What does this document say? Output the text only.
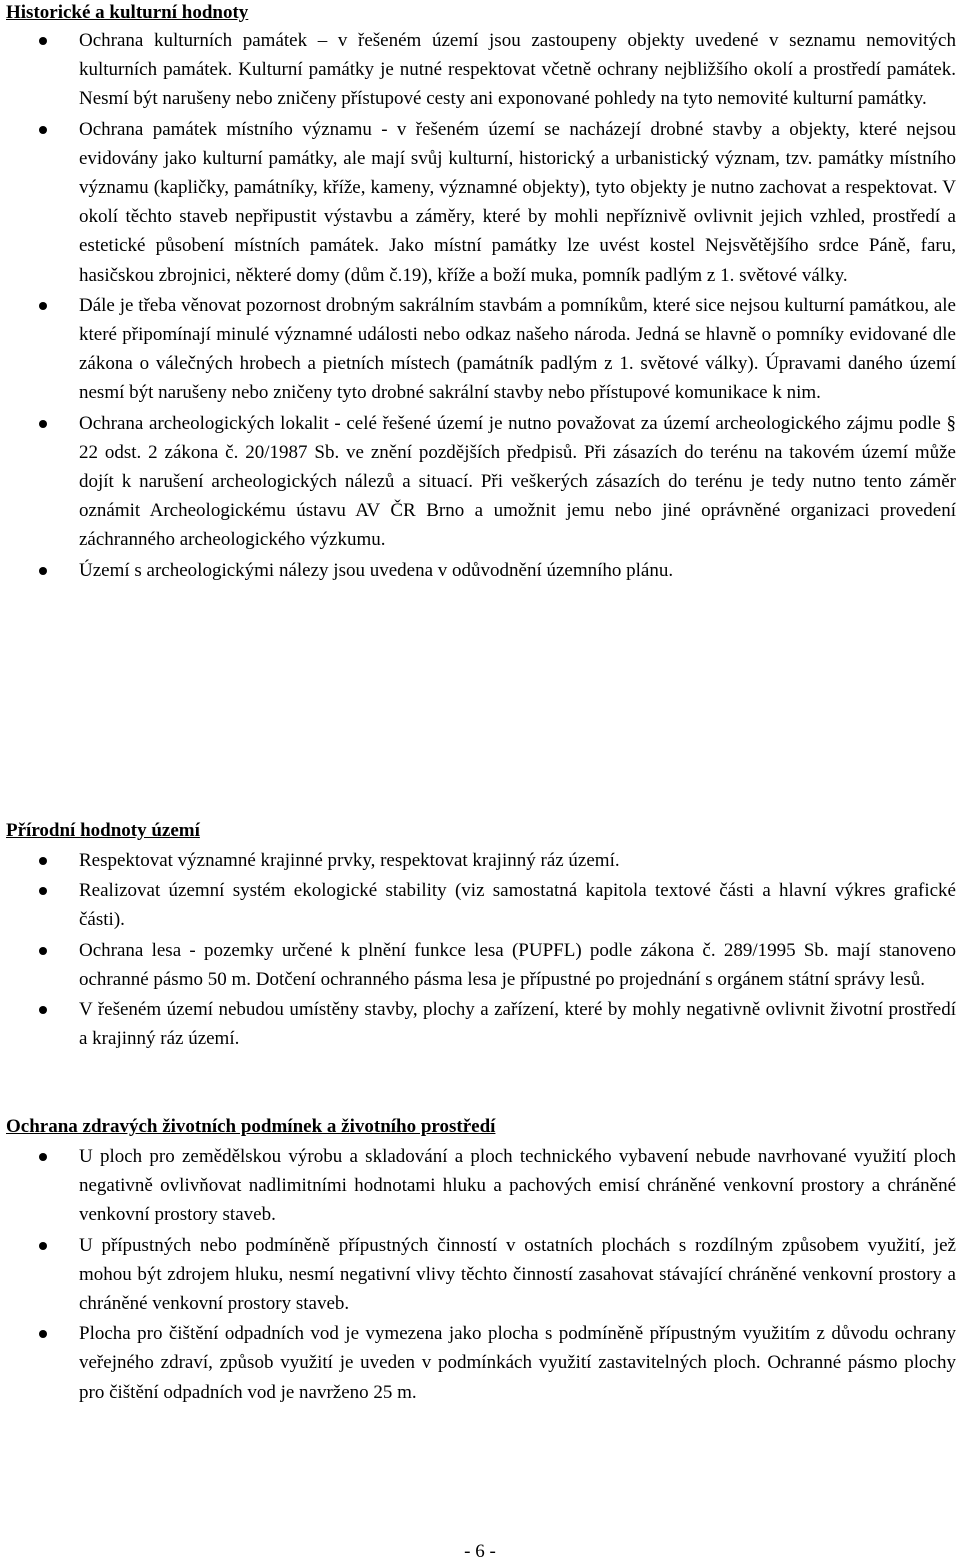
Historické a kulturní hodnoty
Ochrana kulturních památek – v řešeném území jsou zastoupeny objekty uvedené v seznamu nemovitých kulturních památek. Kulturní památky je nutné respektovat včetně ochrany nejbližšího okolí a prostředí památek. Nesmí být narušeny nebo zničeny přístupové cesty ani exponované pohledy na tyto nemovité kulturní památky.
Ochrana památek místního významu - v řešeném území se nacházejí drobné stavby a objekty, které nejsou evidovány jako kulturní památky, ale mají svůj kulturní, historický a urbanistický význam, tzv. památky místního významu (kapličky, památníky, kříže, kameny, významné objekty), tyto objekty je nutno zachovat a respektovat. V okolí těchto staveb nepřipustit výstavbu a záměry, které by mohli nepříznivě ovlivnit jejich vzhled, prostředí a estetické působení místních památek. Jako místní památky lze uvést kostel Nejsvětějšího srdce Páně, faru, hasičskou zbrojnici, některé domy (dům č.19), kříže a boží muka, pomník padlým z 1. světové války.
Dále je třeba věnovat pozornost drobným sakrálním stavbám a pomníkům, které sice nejsou kulturní památkou, ale které připomínají minulé významné události nebo odkaz našeho národa. Jedná se hlavně o pomníky evidované dle zákona o válečných hrobech a pietních místech (památník padlým z 1. světové války). Úpravami daného území nesmí být narušeny nebo zničeny tyto drobné sakrální stavby nebo přístupové komunikace k nim.
Ochrana archeologických lokalit - celé řešené území je nutno považovat za území archeologického zájmu podle § 22 odst. 2 zákona č. 20/1987 Sb. ve znění pozdějších předpisů. Při zásazích do terénu na takovém území může dojít k narušení archeologických nálezů a situací. Při veškerých zásazích do terénu je tedy nutno tento záměr oznámit Archeologickému ústavu AV ČR Brno a umožnit jemu nebo jiné oprávněné organizaci provedení záchranného archeologického výzkumu.
Území s archeologickými nálezy jsou uvedena v odůvodnění územního plánu.
Přírodní hodnoty území
Respektovat významné krajinné prvky, respektovat krajinný ráz území.
Realizovat územní systém ekologické stability (viz samostatná kapitola textové části a hlavní výkres grafické části).
Ochrana lesa - pozemky určené k plnění funkce lesa (PUPFL) podle zákona č. 289/1995 Sb. mají stanoveno ochranné pásmo 50 m. Dotčení ochranného pásma lesa je přípustné po projednání s orgánem státní správy lesů.
V řešeném území nebudou umístěny stavby, plochy a zařízení, které by mohly negativně ovlivnit životní prostředí a krajinný ráz území.
Ochrana zdravých životních podmínek a životního prostředí
U ploch pro zemědělskou výrobu a skladování a ploch technického vybavení nebude navrhované využití ploch negativně ovlivňovat nadlimitními hodnotami hluku a pachových emisí chráněné venkovní prostory a chráněné venkovní prostory staveb.
U přípustných nebo podmíněně přípustných činností v ostatních plochách s rozdílným způsobem využití, jež mohou být zdrojem hluku, nesmí negativní vlivy těchto činností zasahovat stávající chráněné venkovní prostory a chráněné venkovní prostory staveb.
Plocha pro čištění odpadních vod je vymezena jako plocha s podmíněně přípustným využitím z důvodu ochrany veřejného zdraví, způsob využití je uveden v podmínkách využití zastavitelných ploch. Ochranné pásmo plochy pro čištění odpadních vod je navrženo 25 m.
- 6 -
